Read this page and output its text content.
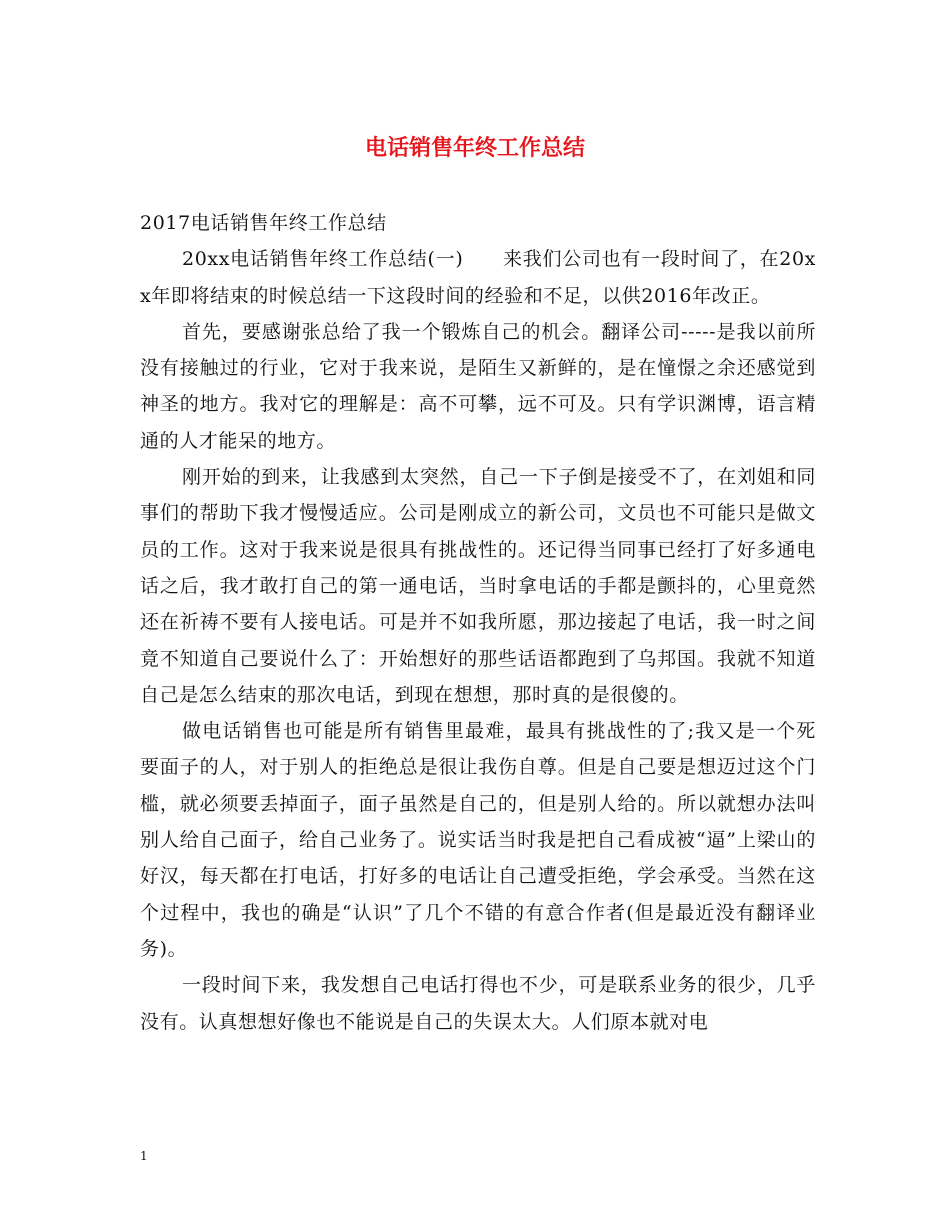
电话销售年终工作总结

2017电话销售年终工作总结

20xx电话销售年终工作总结(一)　　来我们公司也有一段时间了，在20xx年即将结束的时候总结一下这段时间的经验和不足，以供2016年改正。

首先，要感谢张总给了我一个锻炼自己的机会。翻译公司-----是我以前所没有接触过的行业，它对于我来说，是陌生又新鲜的，是在憧憬之余还感觉到神圣的地方。我对它的理解是：高不可攀，远不可及。只有学识渊博，语言精通的人才能呆的地方。

刚开始的到来，让我感到太突然，自己一下子倒是接受不了，在刘姐和同事们的帮助下我才慢慢适应。公司是刚成立的新公司，文员也不可能只是做文员的工作。这对于我来说是很具有挑战性的。还记得当同事已经打了好多通电话之后，我才敢打自己的第一通电话，当时拿电话的手都是颤抖的，心里竟然还在祈祷不要有人接电话。可是并不如我所愿，那边接起了电话，我一时之间竟不知道自己要说什么了：开始想好的那些话语都跑到了乌邦国。我就不知道自己是怎么结束的那次电话，到现在想想，那时真的是很傻的。

做电话销售也可能是所有销售里最难，最具有挑战性的了;我又是一个死要面子的人，对于别人的拒绝总是很让我伤自尊。但是自己要是想迈过这个门槛，就必须要丢掉面子，面子虽然是自己的，但是别人给的。所以就想办法叫别人给自己面子，给自己业务了。说实话当时我是把自己看成被“逼”上梁山的好汉，每天都在打电话，打好多的电话让自己遭受拒绝，学会承受。当然在这个过程中，我也的确是“认识”了几个不错的有意合作者(但是最近没有翻译业务)。

一段时间下来，我发想自己电话打得也不少，可是联系业务的很少，几乎没有。认真想想好像也不能说是自己的失误太大。人们原本就对电

1
